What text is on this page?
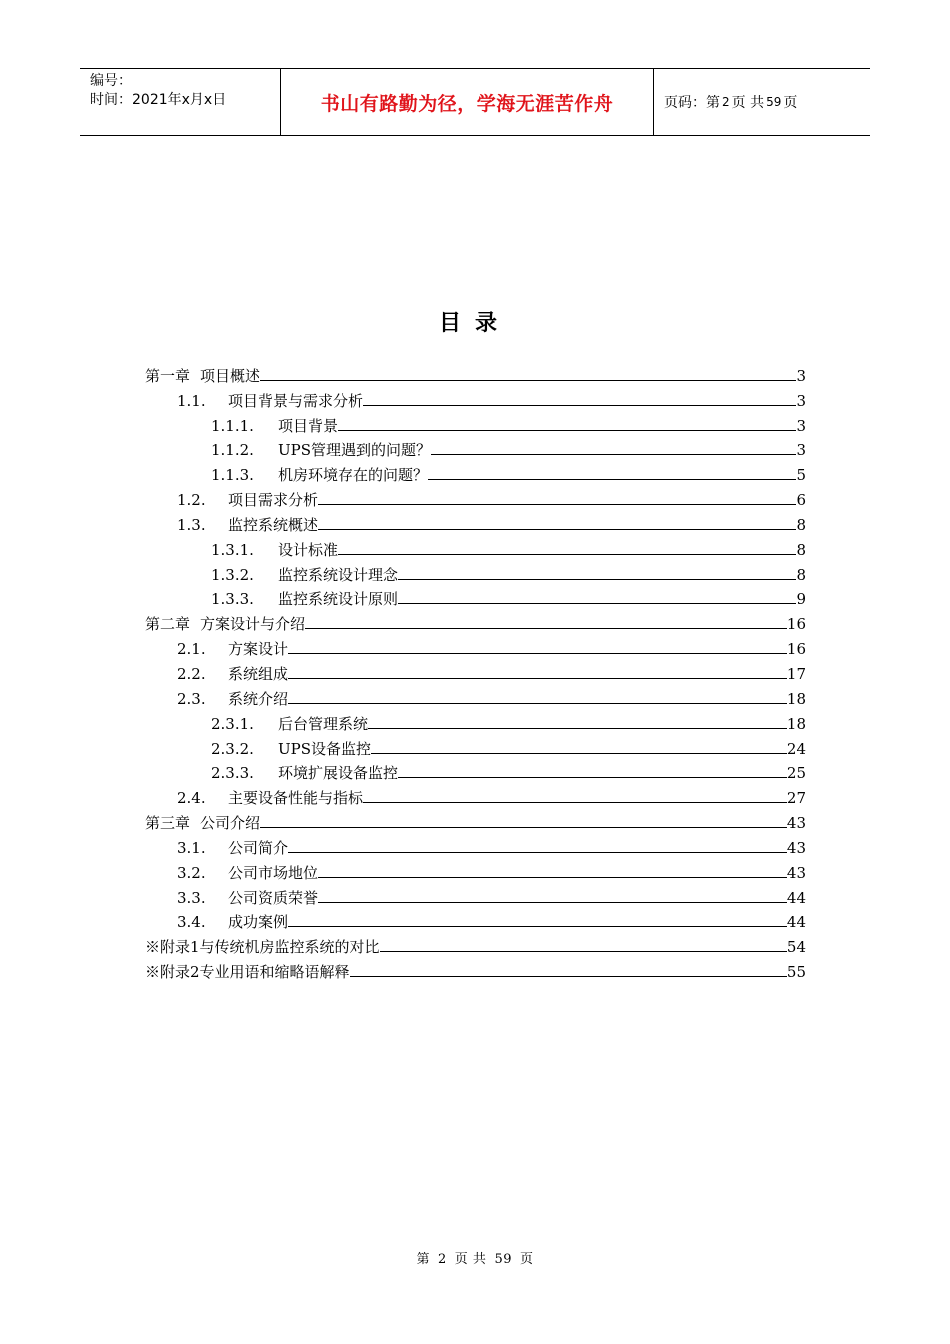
编号：
时间：2021年x月x日	书山有路勤为径，学海无涯苦作舟	页码：第 2 页 共 59 页
目录
第一章 项目概述	3
1.1.	项目背景与需求分析	3
1.1.1.	项目背景	3
1.1.2.	UPS管理遇到的问题？	3
1.1.3.	机房环境存在的问题？	5
1.2.	项目需求分析	6
1.3.	监控系统概述	8
1.3.1.	设计标准	8
1.3.2.	监控系统设计理念	8
1.3.3.	监控系统设计原则	9
第二章 方案设计与介绍	16
2.1.	方案设计	16
2.2.	系统组成	17
2.3.	系统介绍	18
2.3.1.	后台管理系统	18
2.3.2.	UPS设备监控	24
2.3.3.	环境扩展设备监控	25
2.4.	主要设备性能与指标	27
第三章 公司介绍	43
3.1.	公司简介	43
3.2.	公司市场地位	43
3.3.	公司资质荣誉	44
3.4.	成功案例	44
※附录1与传统机房监控系统的对比	54
※附录2专业用语和缩略语解释	55
第 2 页 共 59 页
